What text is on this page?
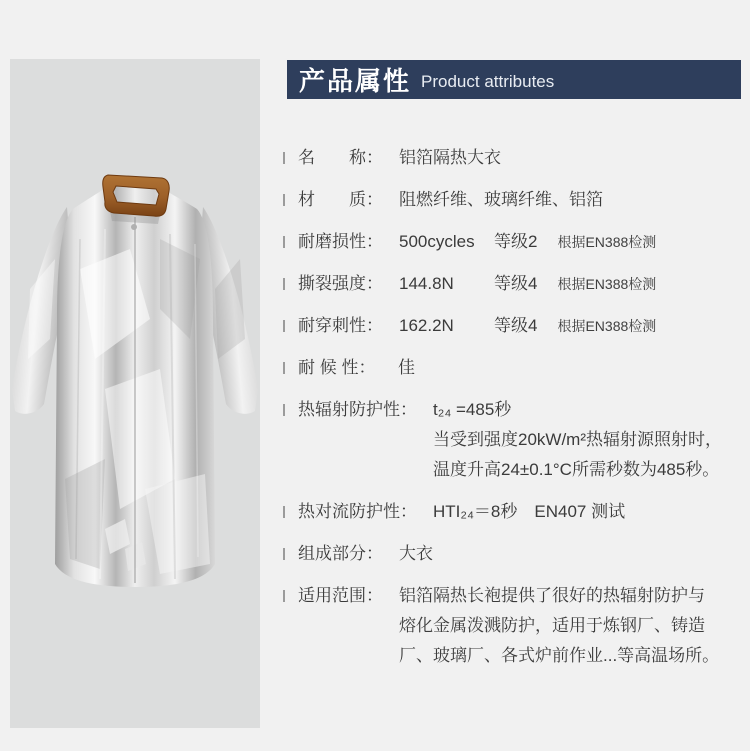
产品属性 Product attributes
名　　称： 铝箔隔热大衣
材　　质： 阻燃纤维、玻璃纤维、铝箔
耐磨损性： 500cycles 等级2 根据EN388检测
撕裂强度： 144.8N 等级4 根据EN388检测
耐穿刺性： 162.2N 等级4 根据EN388检测
耐 候 性：	佳
热辐射防护性： t₂₄ =485秒
当受到强度20kW/m²热辐射源照射时，
温度升高24±0.1°C所需秒数为485秒。
热对流防护性： HTI₂₄＝8秒　EN407 测试
组成部分： 大衣
适用范围： 铝箔隔热长袍提供了很好的热辐射防护与
熔化金属泼溅防护，适用于炼钢厂、铸造
厂、玻璃厂、各式炉前作业...等高温场所。
